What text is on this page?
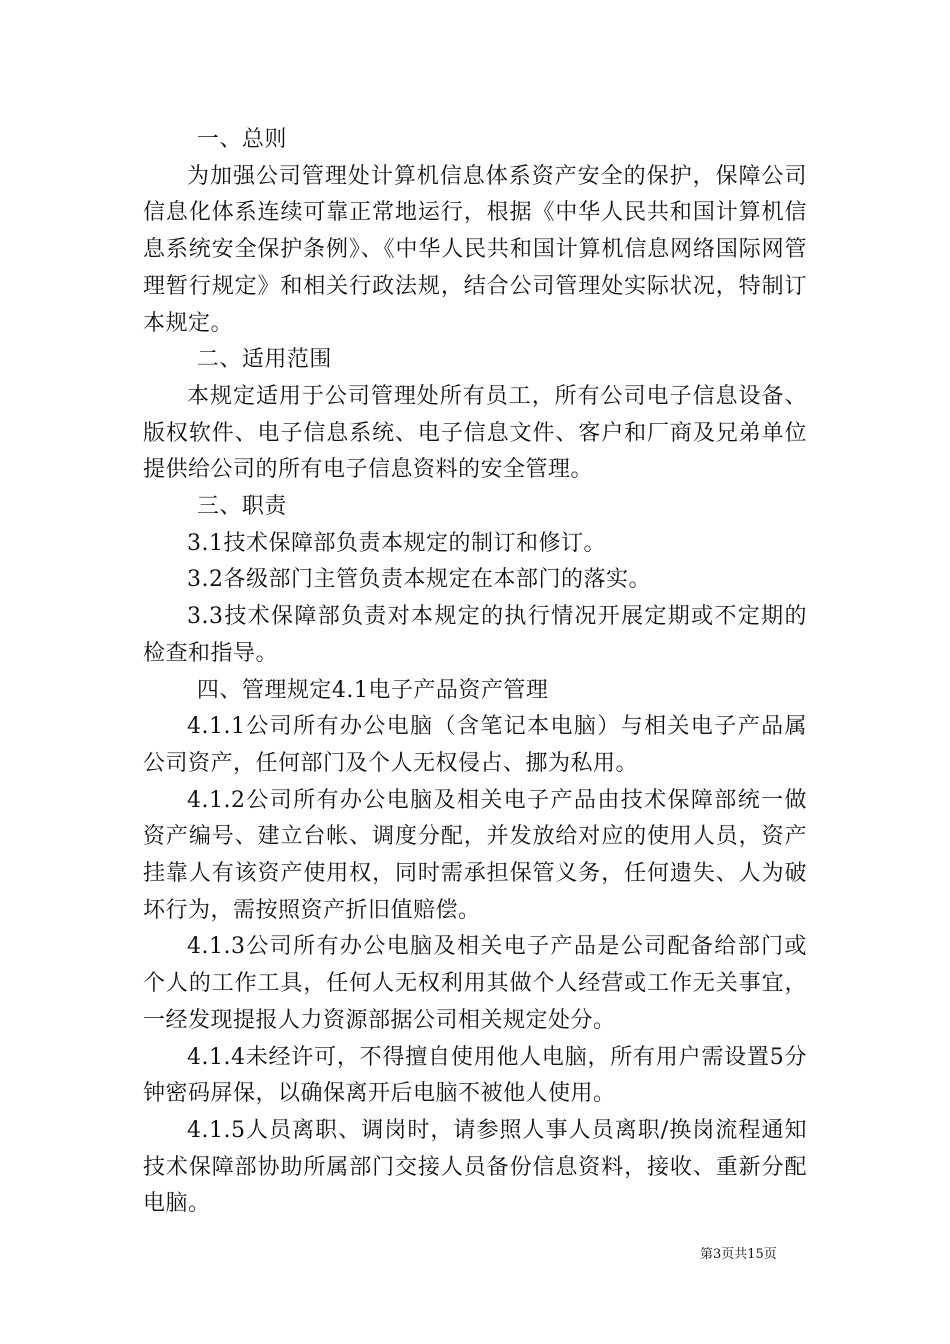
一、总则

为加强公司管理处计算机信息体系资产安全的保护，保障公司信息化体系连续可靠正常地运行，根据《中华人民共和国计算机信息系统安全保护条例》、《中华人民共和国计算机信息网络国际网管理暂行规定》和相关行政法规，结合公司管理处实际状况，特制订本规定。

二、适用范围

本规定适用于公司管理处所有员工，所有公司电子信息设备、版权软件、电子信息系统、电子信息文件、客户和厂商及兄弟单位提供给公司的所有电子信息资料的安全管理。

三、职责

3.1技术保障部负责本规定的制订和修订。

3.2各级部门主管负责本规定在本部门的落实。

3.3技术保障部负责对本规定的执行情况开展定期或不定期的检查和指导。

四、管理规定4.1电子产品资产管理

4.1.1公司所有办公电脑（含笔记本电脑）与相关电子产品属公司资产，任何部门及个人无权侵占、挪为私用。

4.1.2公司所有办公电脑及相关电子产品由技术保障部统一做资产编号、建立台帐、调度分配，并发放给对应的使用人员，资产挂靠人有该资产使用权，同时需承担保管义务，任何遗失、人为破坏行为，需按照资产折旧值赔偿。

4.1.3公司所有办公电脑及相关电子产品是公司配备给部门或个人的工作工具，任何人无权利用其做个人经营或工作无关事宜，一经发现提报人力资源部据公司相关规定处分。

4.1.4未经许可，不得擅自使用他人电脑，所有用户需设置5分钟密码屏保，以确保离开后电脑不被他人使用。

4.1.5人员离职、调岗时，请参照人事人员离职/换岗流程通知技术保障部协助所属部门交接人员备份信息资料，接收、重新分配电脑。

第3页共15页
